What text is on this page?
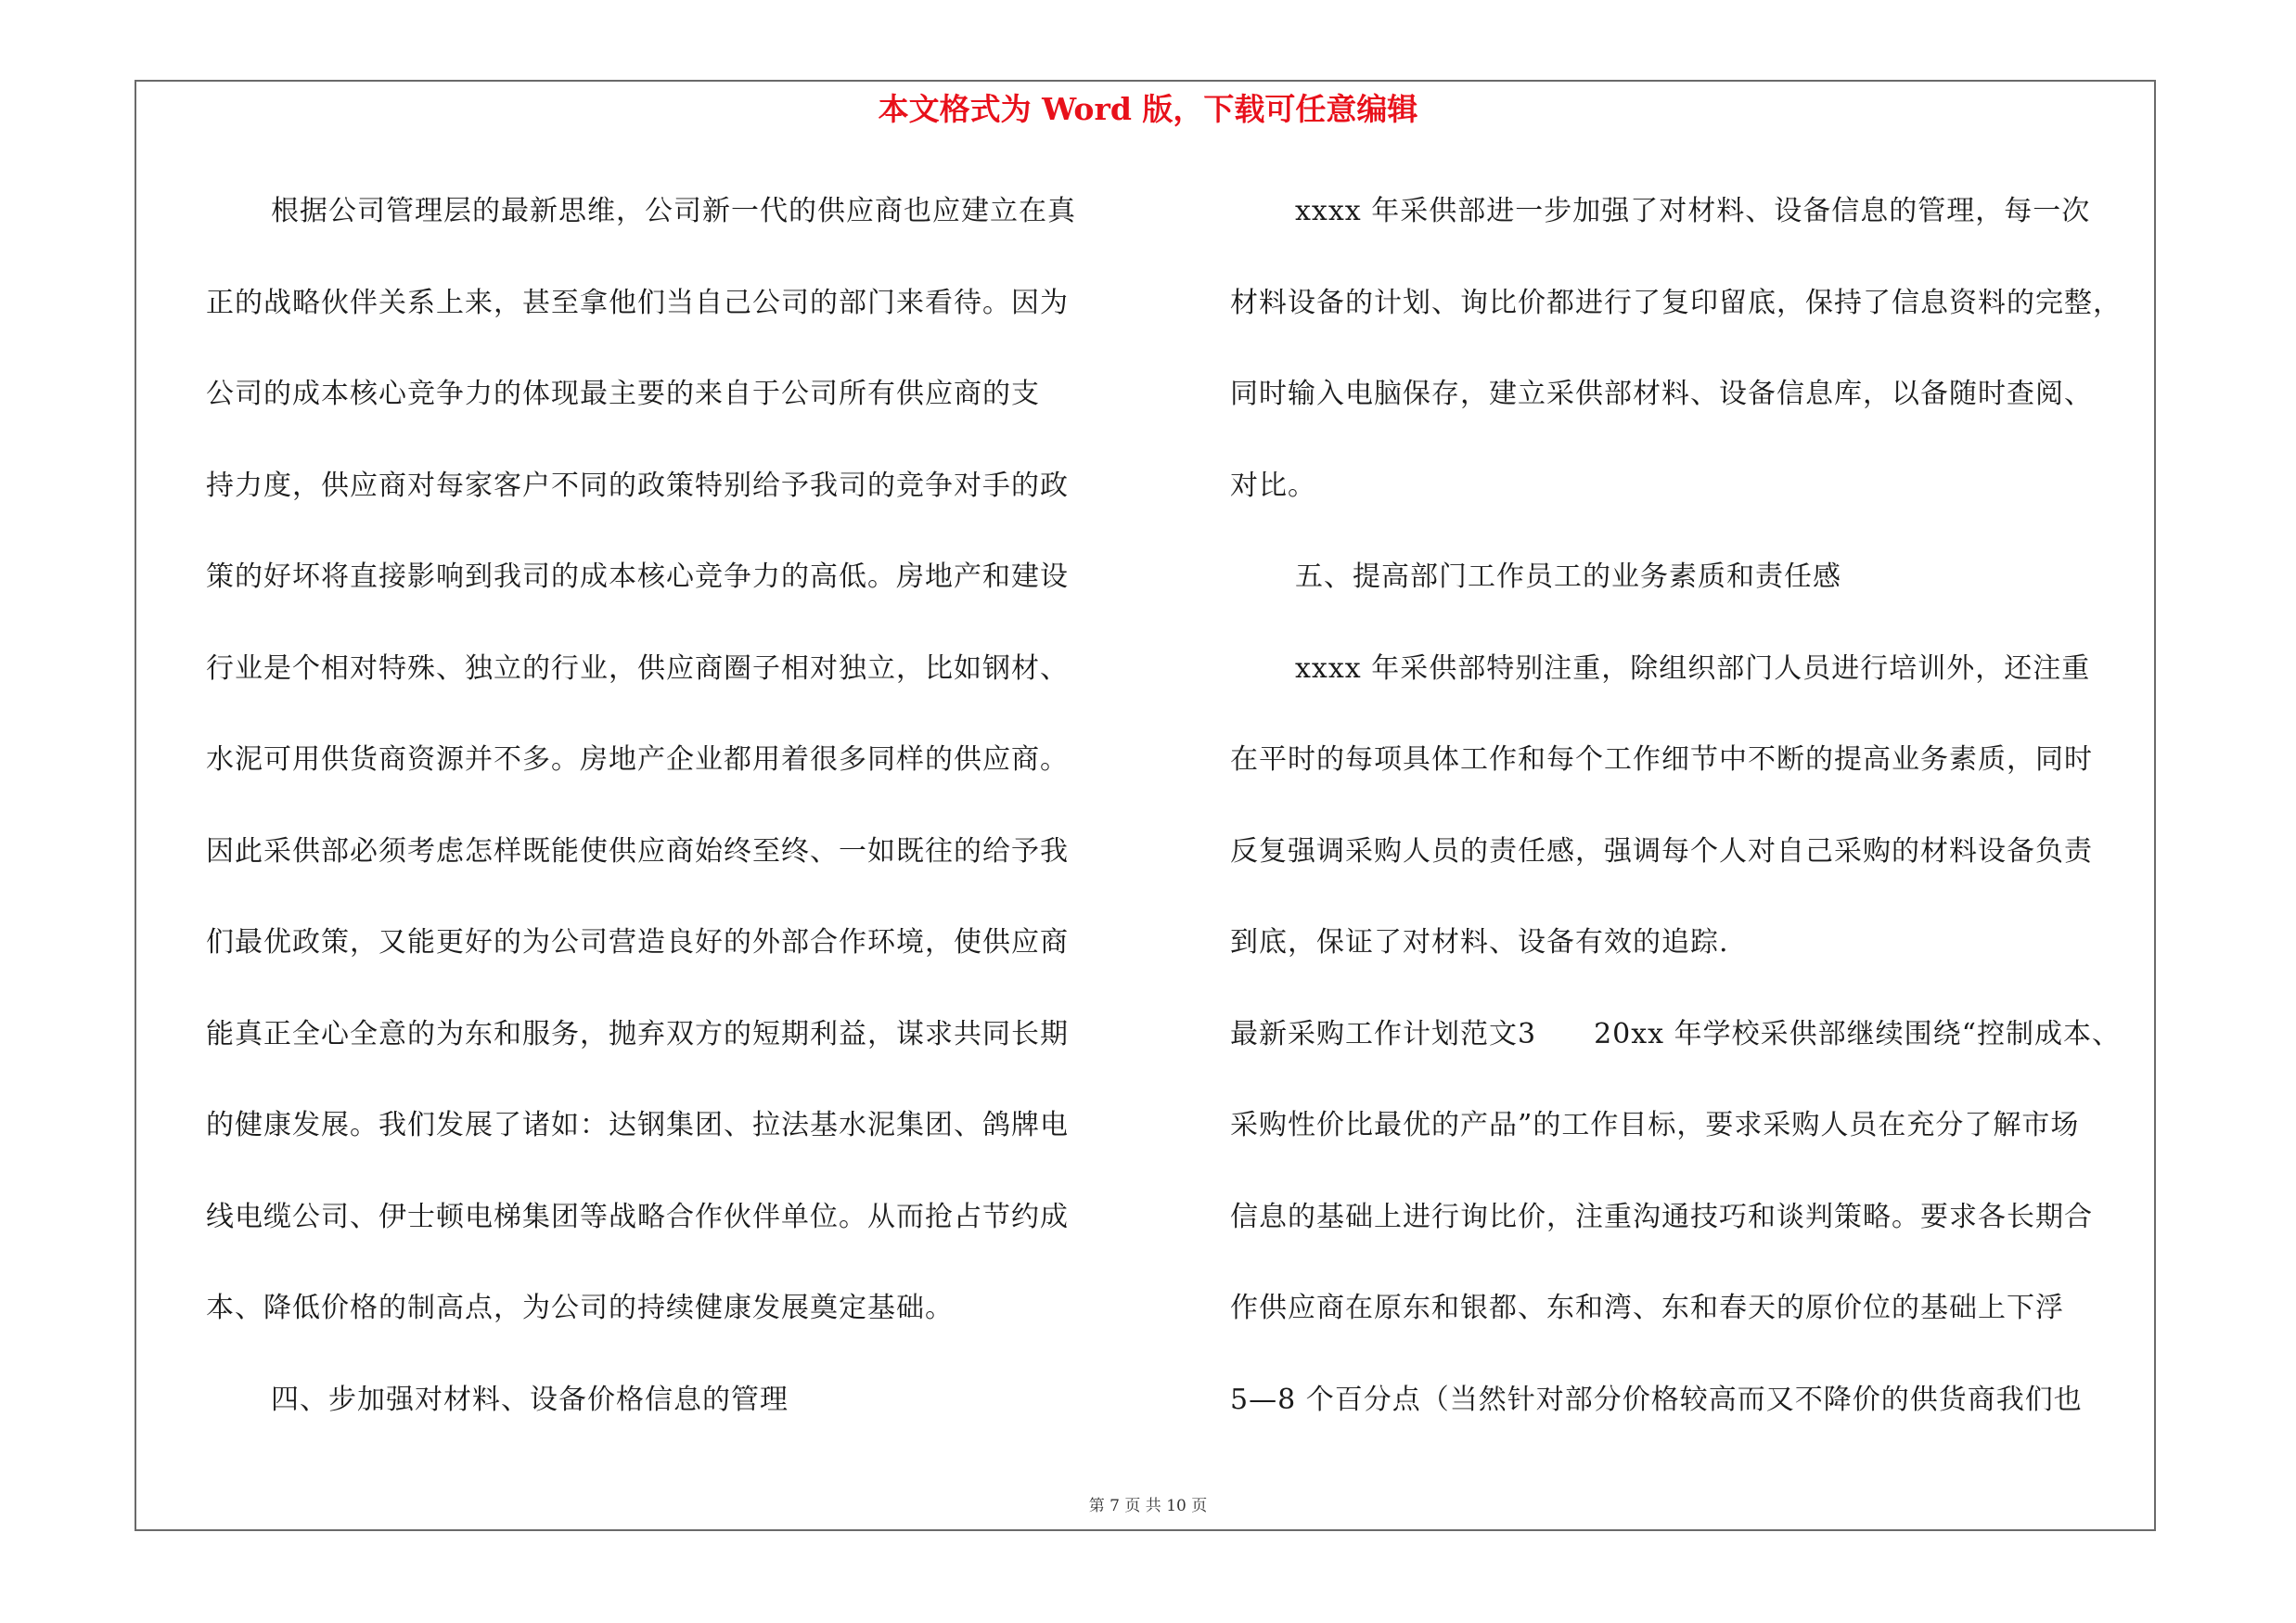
本文格式为 Word 版，下载可任意编辑
根据公司管理层的最新思维，公司新一代的供应商也应建立在真
正的战略伙伴关系上来，甚至拿他们当自己公司的部门来看待。因为
公司的成本核心竞争力的体现最主要的来自于公司所有供应商的支
持力度，供应商对每家客户不同的政策特别给予我司的竞争对手的政
策的好坏将直接影响到我司的成本核心竞争力的高低。房地产和建设
行业是个相对特殊、独立的行业，供应商圈子相对独立，比如钢材、
水泥可用供货商资源并不多。房地产企业都用着很多同样的供应商。
因此采供部必须考虑怎样既能使供应商始终至终、一如既往的给予我
们最优政策，又能更好的为公司营造良好的外部合作环境，使供应商
能真正全心全意的为东和服务，抛弃双方的短期利益，谋求共同长期
的健康发展。我们发展了诸如：达钢集团、拉法基水泥集团、鸽牌电
线电缆公司、伊士顿电梯集团等战略合作伙伴单位。从而抢占节约成
本、降低价格的制高点，为公司的持续健康发展奠定基础。
四、步加强对材料、设备价格信息的管理
xxxx 年采供部进一步加强了对材料、设备信息的管理，每一次
材料设备的计划、询比价都进行了复印留底，保持了信息资料的完整，
同时输入电脑保存，建立采供部材料、设备信息库，以备随时查阅、
对比。
五、提高部门工作员工的业务素质和责任感
xxxx 年采供部特别注重，除组织部门人员进行培训外，还注重
在平时的每项具体工作和每个工作细节中不断的提高业务素质，同时
反复强调采购人员的责任感，强调每个人对自己采购的材料设备负责
到底，保证了对材料、设备有效的追踪.
最新采购工作计划范文3　　20xx 年学校采供部继续围绕“控制成本、
采购性价比最优的产品”的工作目标，要求采购人员在充分了解市场
信息的基础上进行询比价，注重沟通技巧和谈判策略。要求各长期合
作供应商在原东和银都、东和湾、东和春天的原价位的基础上下浮
5—8 个百分点（当然针对部分价格较高而又不降价的供货商我们也
第 7 页 共 10 页
